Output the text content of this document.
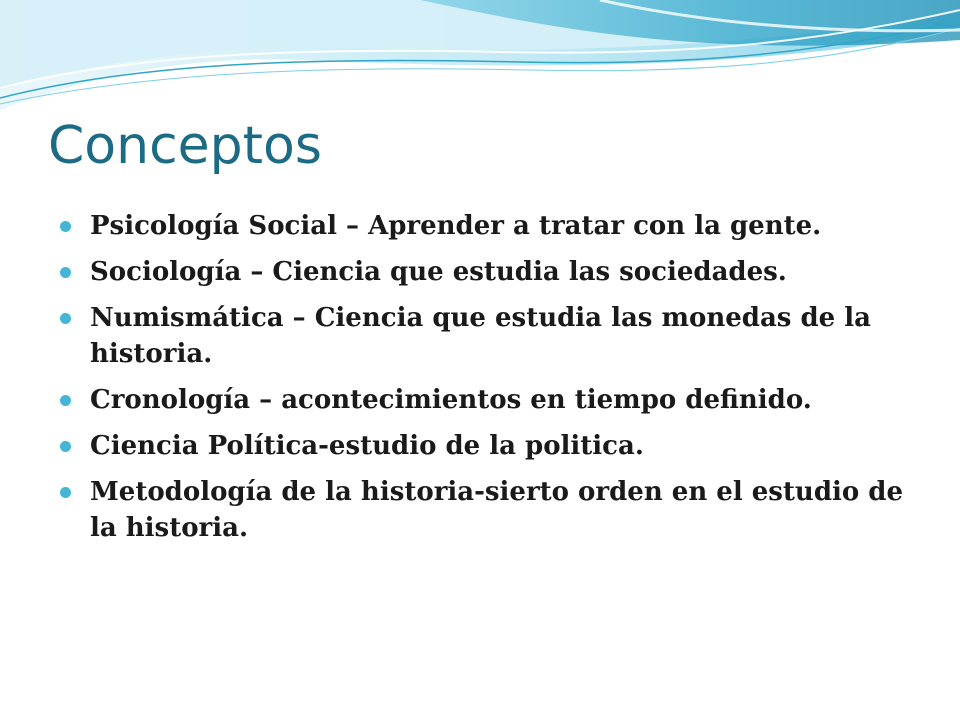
Conceptos
Psicología Social – Aprender a tratar con la gente.
Sociología – Ciencia que estudia las sociedades.
Numismática – Ciencia que estudia las monedas de la historia.
Cronología – acontecimientos en tiempo definido.
Ciencia Política-estudio de la politica.
Metodología de la historia-sierto orden en el estudio de la historia.
